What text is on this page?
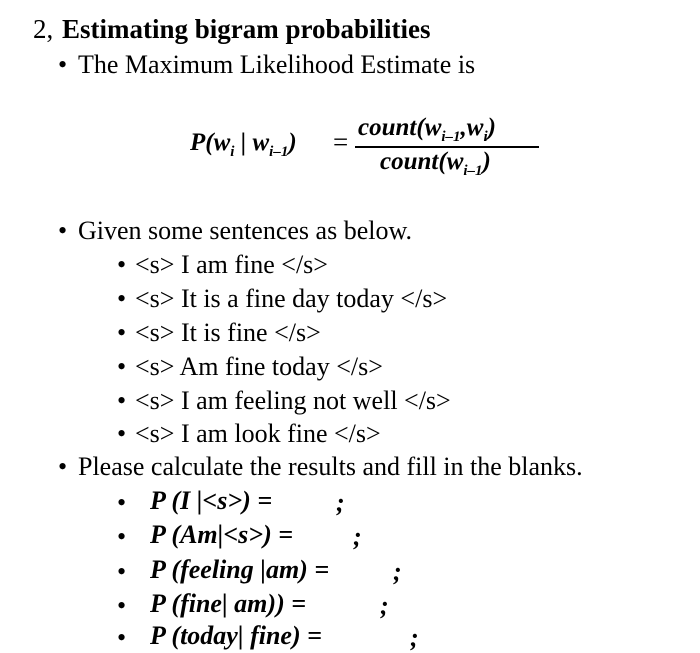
2, Estimating bigram probabilities
• The Maximum Likelihood Estimate is
$P(w_i$ | $w_{i-1}$) = $count(w_{i-1},w_i)$
$count(w_{i-1})$
• Given some sentences as below.
• <s> I am fine </s>
• <s> It is a fine day today </s>
• <s> It is fine </s>
• <s> Am fine today </s>
• <s> I am feeling not well </s>
• <s> I am look fine </s>
• Please calculate the results and fill in the blanks.
• P (I |<s>) = ;
• P (Am|<s>) = ;
• P (feeling |am) = ;
• P (fine| am)) =	;
• P (today| fine) =	;
